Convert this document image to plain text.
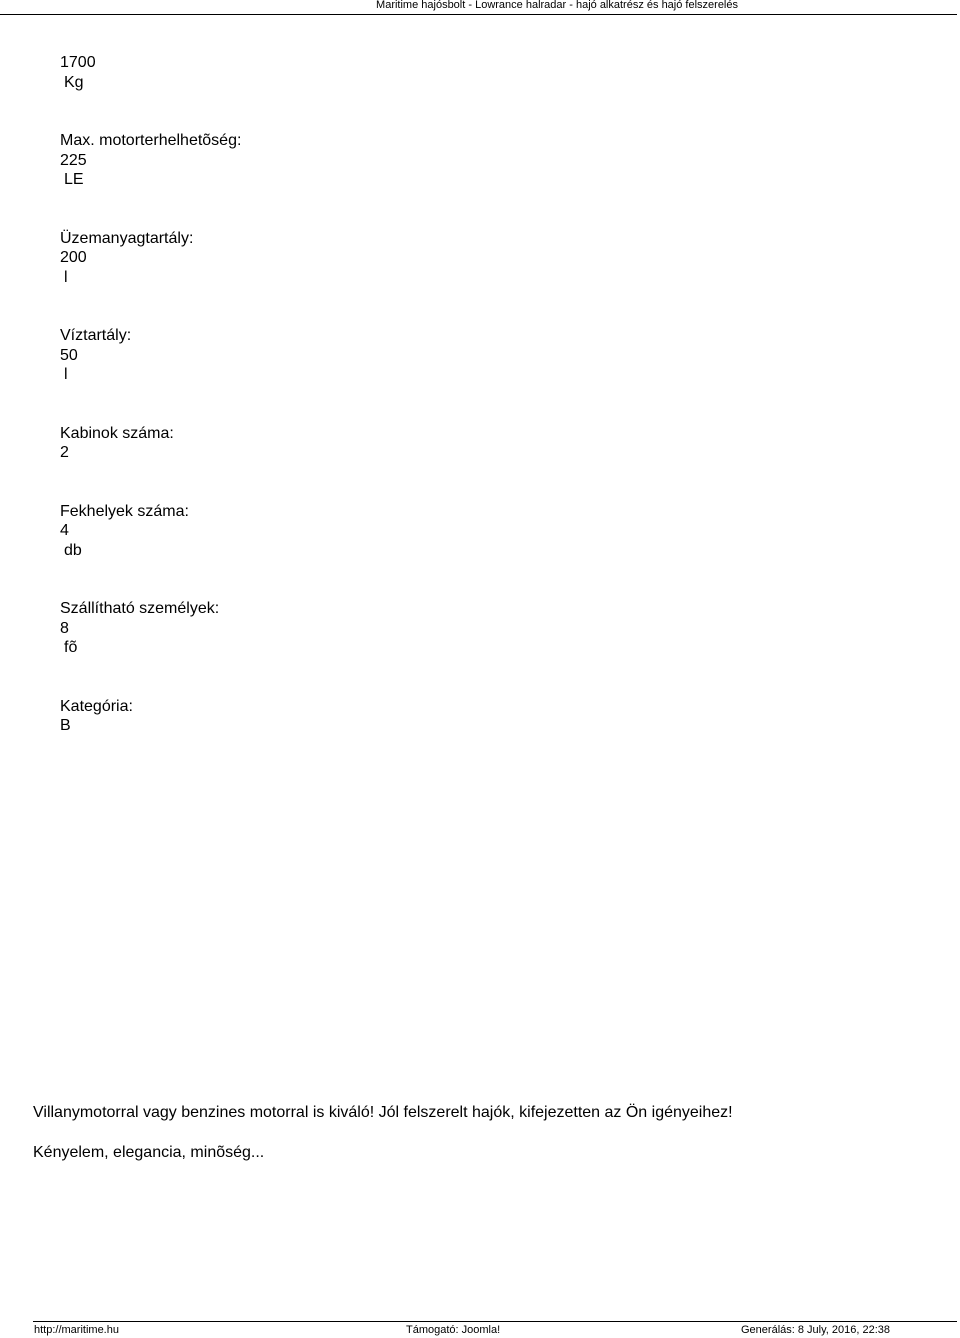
Maritime hajósbolt - Lowrance halradar - hajó alkatrész és hajó felszerelés
1700
Kg
Max. motorterhelhetõség:
225
LE
Üzemanyagtartály:
200
l
Víztartály:
50
l
Kabinok száma:
2
Fekhelyek száma:
4
db
Szállítható személyek:
8
fõ
Kategória:
B

Villanymotorral vagy benzines motorral is kiváló! Jól felszerelt hajók, kifejezetten az Ön igényeihez!

Kényelem, elegancia, minõség...

http://maritime.hu	Támogató: Joomla!	Generálás: 8 July, 2016, 22:38
